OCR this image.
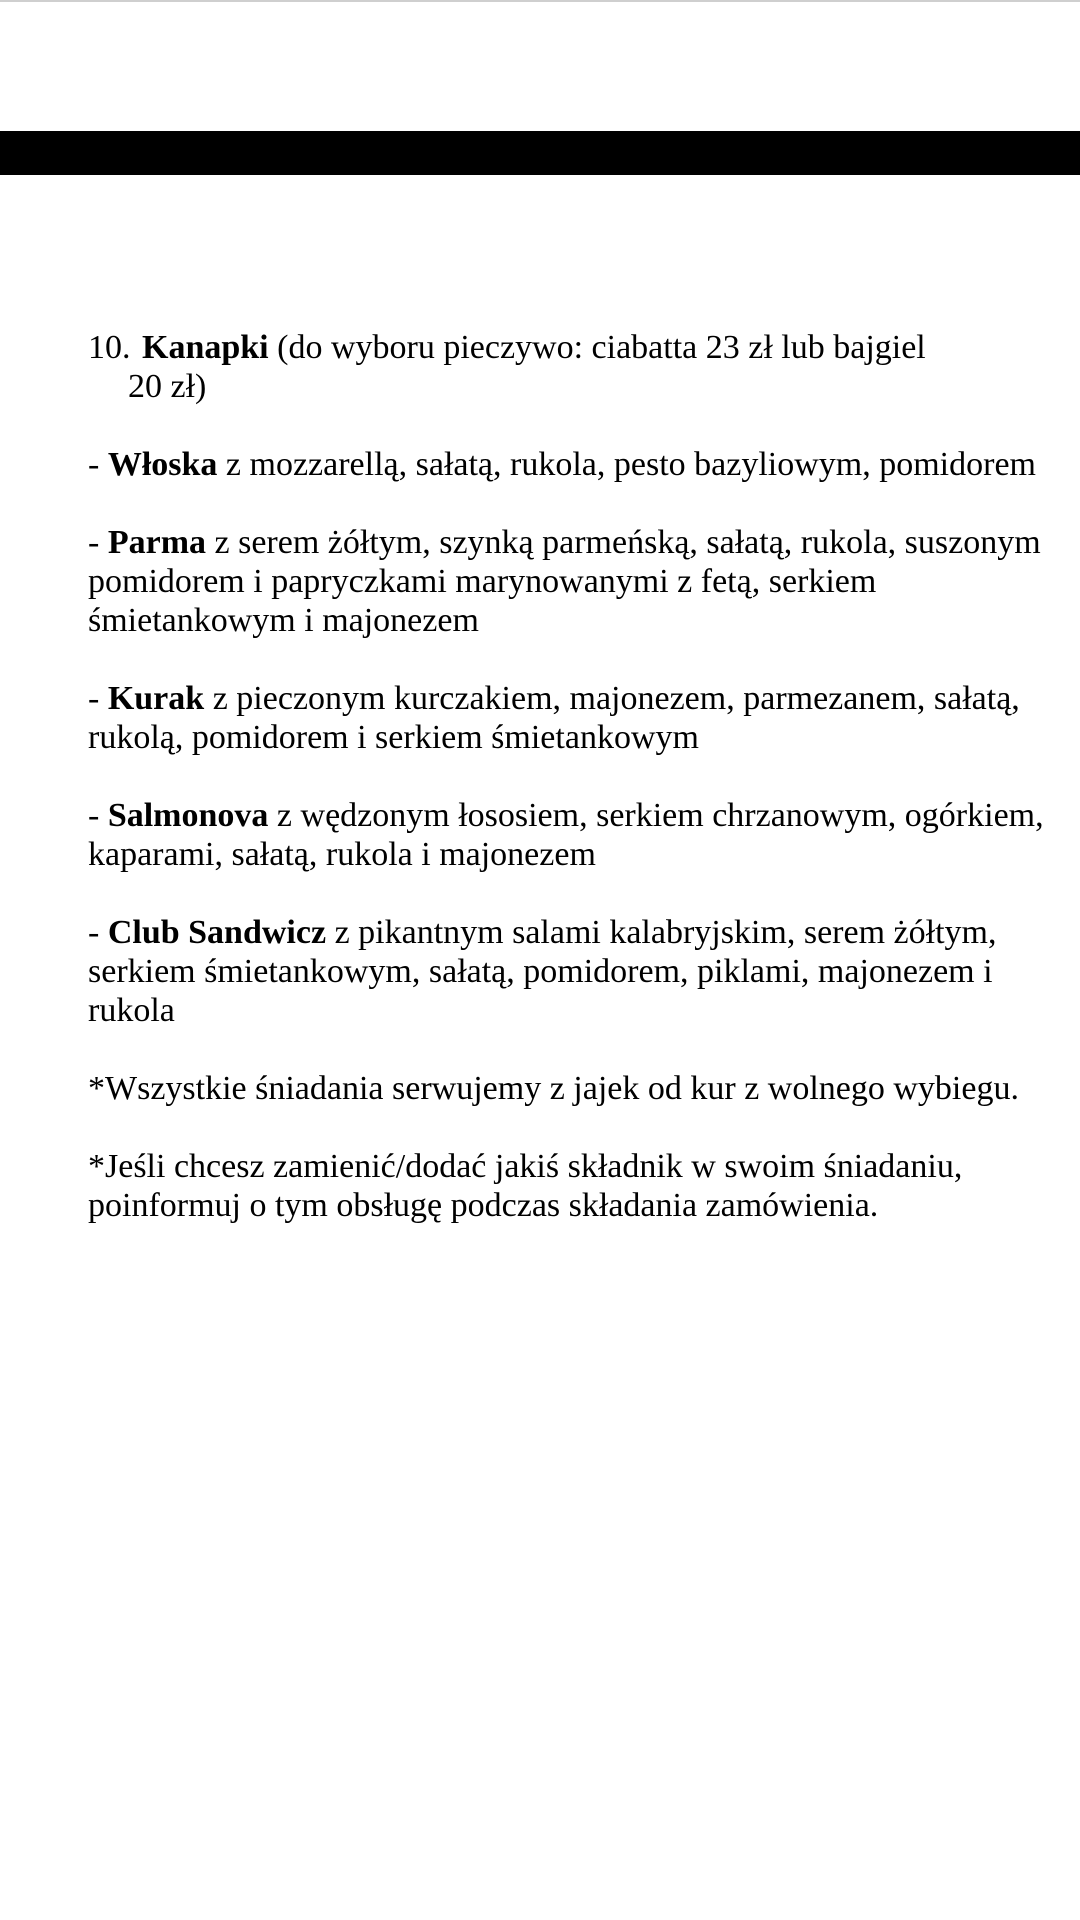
10. Kanapki (do wyboru pieczywo: ciabatta 23 zł lub bajgiel
20 zł)
- Włoska z mozzarellą, sałatą, rukola, pesto bazyliowym, pomidorem
- Parma z serem żółtym, szynką parmeńską, sałatą, rukola, suszonym pomidorem i papryczkami marynowanymi z fetą, serkiem śmietankowym i majonezem
- Kurak z pieczonym kurczakiem, majonezem, parmezanem, sałatą, rukolą, pomidorem i serkiem śmietankowym
- Salmonova z wędzonym łososiem, serkiem chrzanowym, ogórkiem, kaparami, sałatą, rukola i majonezem
- Club Sandwicz z pikantnym salami kalabryjskim, serem żółtym, serkiem śmietankowym, sałatą, pomidorem, piklami, majonezem i rukola
*Wszystkie śniadania serwujemy z jajek od kur z wolnego wybiegu.
*Jeśli chcesz zamienić/dodać jakiś składnik w swoim śniadaniu, poinformuj o tym obsługę podczas składania zamówienia.
